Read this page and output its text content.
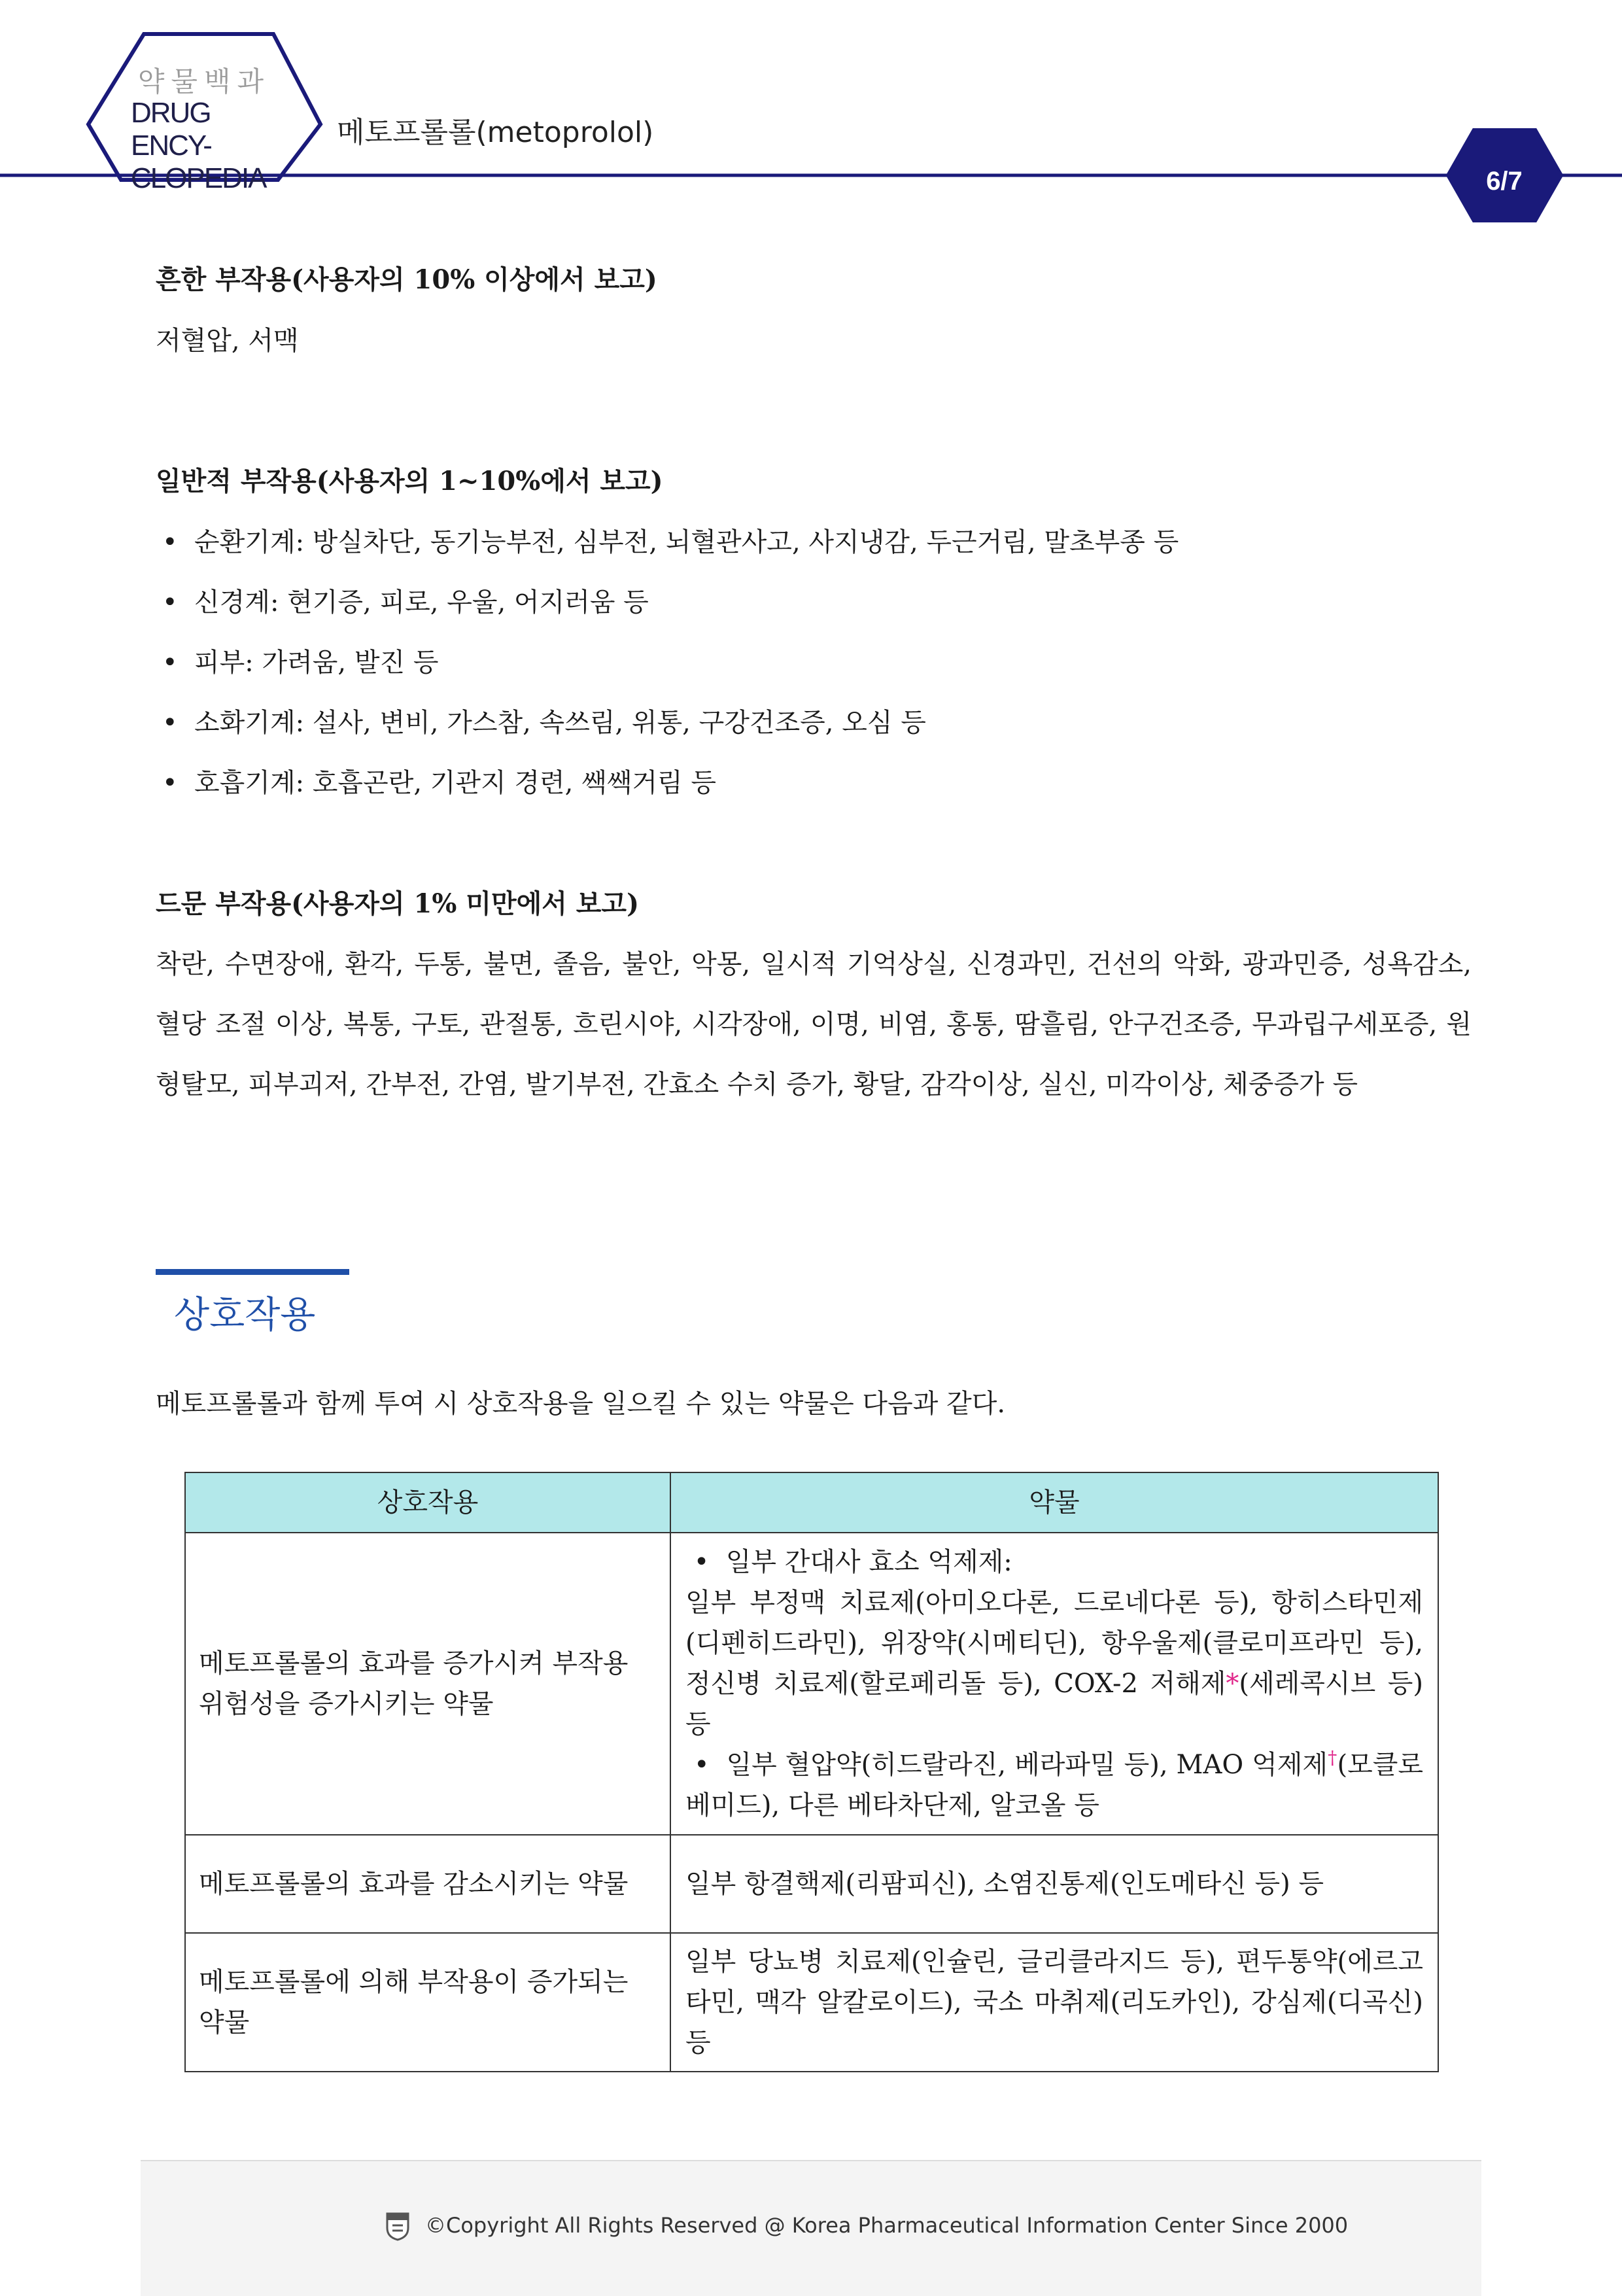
약물백과
DRUG ENCY-
CLOPEDIA
메토프롤롤(metoprolol)
6/7
흔한 부작용(사용자의 10% 이상에서 보고)
저혈압, 서맥
일반적 부작용(사용자의 1~10%에서 보고)
•  순환기계: 방실차단, 동기능부전, 심부전, 뇌혈관사고, 사지냉감, 두근거림, 말초부종 등
•  신경계: 현기증, 피로, 우울, 어지러움 등
•  피부: 가려움, 발진 등
•  소화기계: 설사, 변비, 가스참, 속쓰림, 위통, 구강건조증, 오심 등
•  호흡기계: 호흡곤란, 기관지 경련, 쌕쌕거림 등
드문 부작용(사용자의 1% 미만에서 보고)
착란, 수면장애, 환각, 두통, 불면, 졸음, 불안, 악몽, 일시적 기억상실, 신경과민, 건선의 악화, 광과민증, 성욕감소, 혈당 조절 이상, 복통, 구토, 관절통, 흐린시야, 시각장애, 이명, 비염, 홍통, 땀흘림, 안구건조증, 무과립구세포증, 원형탈모, 피부괴저, 간부전, 간염, 발기부전, 간효소 수치 증가, 황달, 감각이상, 실신, 미각이상, 체중증가 등
상호작용
메토프롤롤과 함께 투여 시 상호작용을 일으킬 수 있는 약물은 다음과 같다.
상호작용	약물
메토프롤롤의 효과를 증가시켜 부작용 위험성을 증가시키는 약물	•  일부 간대사 효소 억제제:
일부 부정맥 치료제(아미오다론, 드로네다론 등), 항히스타민제(디펜히드라민), 위장약(시메티딘), 항우울제(클로미프라민 등), 정신병 치료제(할로페리돌 등), COX-2 저해제*(세레콕시브 등) 등
•  일부 혈압약(히드랄라진, 베라파밀 등), MAO 억제제†(모클로베미드), 다른 베타차단제, 알코올 등

메토프롤롤의 효과를 감소시키는 약물	일부 항결핵제(리팜피신), 소염진통제(인도메타신 등) 등
메토프롤롤에 의해 부작용이 증가되는 약물	일부 당뇨병 치료제(인슐린, 글리클라지드 등), 편두통약(에르고타민, 맥각 알칼로이드), 국소 마취제(리도카인), 강심제(디곡신) 등
©Copyright All Rights Reserved @ Korea Pharmaceutical Information Center Since 2000
